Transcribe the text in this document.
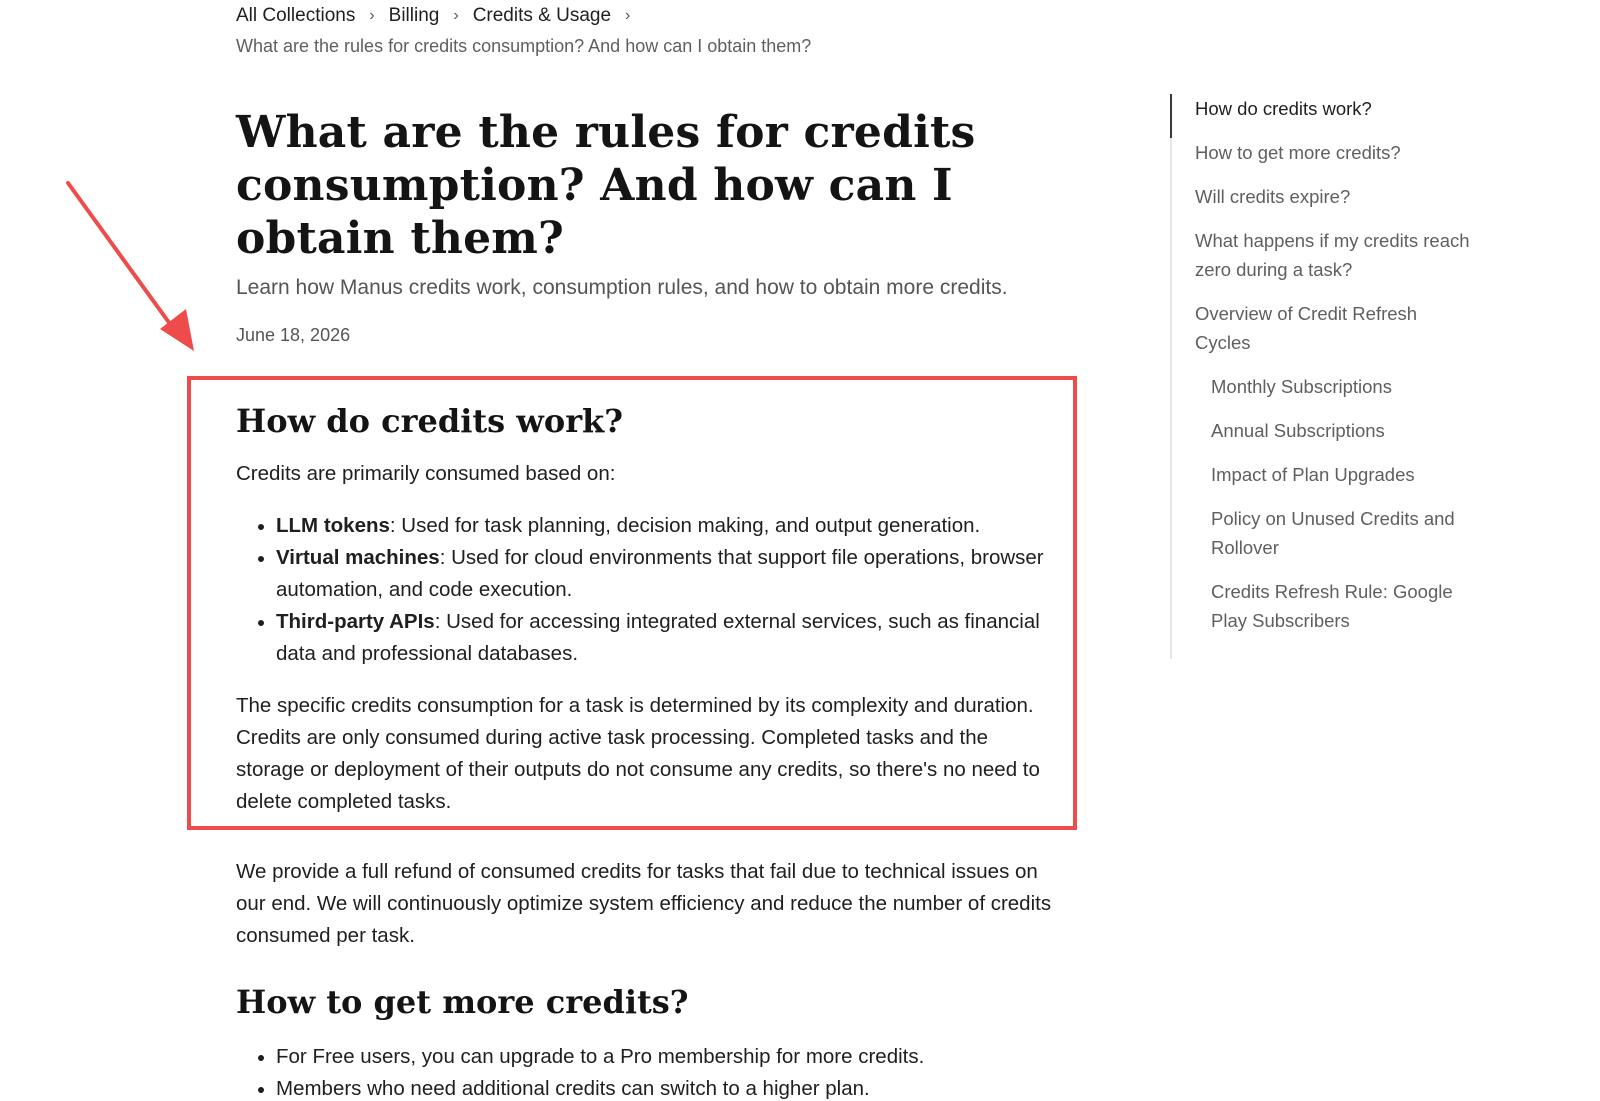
All Collections › Billing › Credits & Usage ›
What are the rules for credits consumption? And how can I obtain them?
What are the rules for credits consumption? And how can I obtain them?

Learn how Manus credits work, consumption rules, and how to obtain more credits.

June 18, 2026

How do credits work?

Credits are primarily consumed based on:

LLM tokens: Used for task planning, decision making, and output generation.
Virtual machines: Used for cloud environments that support file operations, browser automation, and code execution.
Third-party APIs: Used for accessing integrated external services, such as financial data and professional databases.

The specific credits consumption for a task is determined by its complexity and duration. Credits are only consumed during active task processing. Completed tasks and the storage or deployment of their outputs do not consume any credits, so there's no need to delete completed tasks.

We provide a full refund of consumed credits for tasks that fail due to technical issues on our end. We will continuously optimize system efficiency and reduce the number of credits consumed per task.

How to get more credits?
For Free users, you can upgrade to a Pro membership for more credits.
Members who need additional credits can switch to a higher plan.
How do credits work?
How to get more credits?
Will credits expire?
What happens if my credits reach zero during a task?
Overview of Credit Refresh Cycles
Monthly Subscriptions
Annual Subscriptions
Impact of Plan Upgrades
Policy on Unused Credits and Rollover
Credits Refresh Rule: Google Play Subscribers
